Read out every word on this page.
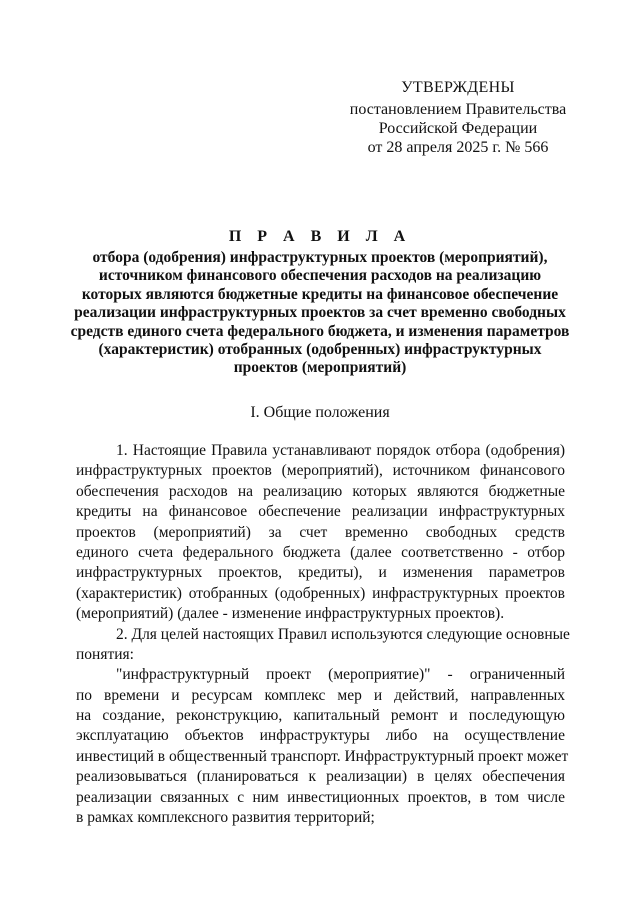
УТВЕРЖДЕНЫ
постановлением Правительства
Российской Федерации
от 28 апреля 2025 г. № 566
П Р А В И Л А
отбора (одобрения) инфраструктурных проектов (мероприятий),
источником финансового обеспечения расходов на реализацию
которых являются бюджетные кредиты на финансовое обеспечение
реализации инфраструктурных проектов за счет временно свободных
средств единого счета федерального бюджета, и изменения параметров
(характеристик) отобранных (одобренных) инфраструктурных
проектов (мероприятий)
I. Общие положения
1. Настоящие Правила устанавливают порядок отбора (одобрения)
инфраструктурных проектов (мероприятий), источником финансового
обеспечения расходов на реализацию которых являются бюджетные
кредиты на финансовое обеспечение реализации инфраструктурных
проектов (мероприятий) за счет временно свободных средств
единого счета федерального бюджета (далее соответственно - отбор
инфраструктурных проектов, кредиты), и изменения параметров
(характеристик) отобранных (одобренных) инфраструктурных проектов
(мероприятий) (далее - изменение инфраструктурных проектов).
2. Для целей настоящих Правил используются следующие основные
понятия:
"инфраструктурный проект (мероприятие)" - ограниченный
по времени и ресурсам комплекс мер и действий, направленных
на создание, реконструкцию, капитальный ремонт и последующую
эксплуатацию объектов инфраструктуры либо на осуществление
инвестиций в общественный транспорт. Инфраструктурный проект может
реализовываться (планироваться к реализации) в целях обеспечения
реализации связанных с ним инвестиционных проектов, в том числе
в рамках комплексного развития территорий;
